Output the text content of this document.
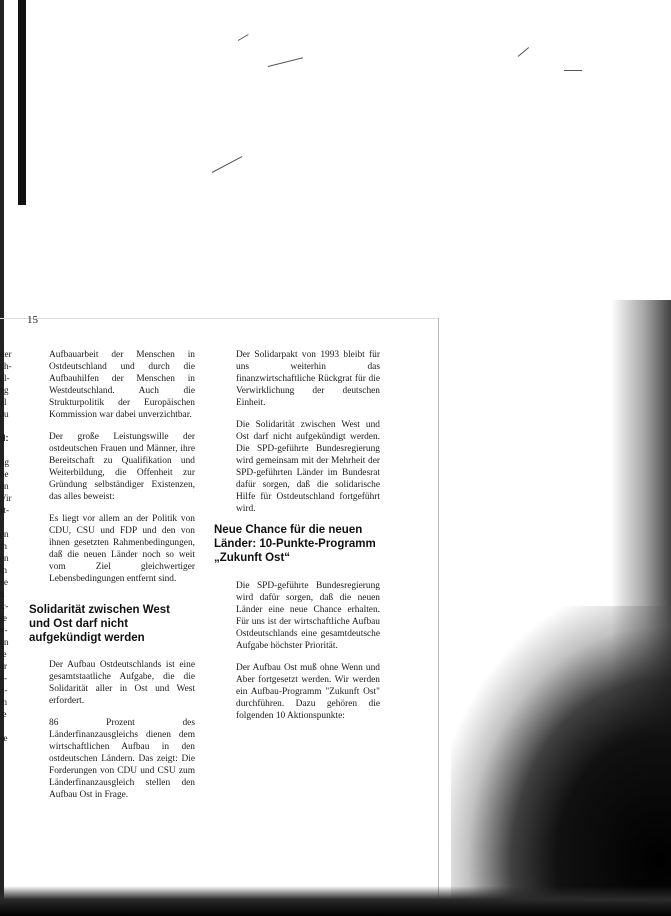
15
der
ch-
al-
eg
al
zu

d:

ng
be
en
Vir
st-

en
m
en
in
ce
n
ir-
re
v-
en
le
er
e-
o-
in
ie

se

Aufbauarbeit der Menschen in Ostdeutschland und durch die Aufbauhilfen der Menschen in Westdeutschland. Auch die Strukturpolitik der Europäischen Kommission war dabei unverzichtbar.

Der große Leistungswille der ostdeutschen Frauen und Männer, ihre Bereitschaft zu Qualifikation und Weiterbildung, die Offenheit zur Gründung selbständiger Existenzen, das alles beweist:

Es liegt vor allem an der Politik von CDU, CSU und FDP und den von ihnen gesetzten Rahmenbedingungen, daß die neuen Länder noch so weit vom Ziel gleichwertiger Lebensbedingungen entfernt sind.

Solidarität zwischen West und Ost darf nicht aufgekündigt werden

Der Aufbau Ostdeutschlands ist eine gesamtstaatliche Aufgabe, die die Solidarität aller in Ost und West erfordert.

86 Prozent des Länderfinanzausgleichs dienen dem wirtschaftlichen Aufbau in den ostdeutschen Ländern. Das zeigt: Die Forderungen von CDU und CSU zum Länderfinanzausgleich stellen den Aufbau Ost in Frage.

Der Solidarpakt von 1993 bleibt für uns weiterhin das finanzwirtschaftliche Rückgrat für die Verwirklichung der deutschen Einheit.

Die Solidarität zwischen West und Ost darf nicht aufgekündigt werden. Die SPD-geführte Bundesregierung wird gemeinsam mit der Mehrheit der SPD-geführten Länder im Bundesrat dafür sorgen, daß die solidarische Hilfe für Ostdeutschland fortgeführt wird.

Neue Chance für die neuen Länder: 10-Punkte-Programm „Zukunft Ost“

Die SPD-geführte Bundesregierung wird dafür sorgen, daß die neuen Länder eine neue Chance erhalten. Für uns ist der wirtschaftliche Aufbau Ostdeutschlands eine gesamtdeutsche Aufgabe höchster Priorität.

Der Aufbau Ost muß ohne Wenn und Aber fortgesetzt werden. Wir werden ein Aufbau-Programm "Zukunft Ost" durchführen. Dazu gehören die folgenden 10 Aktionspunkte:
